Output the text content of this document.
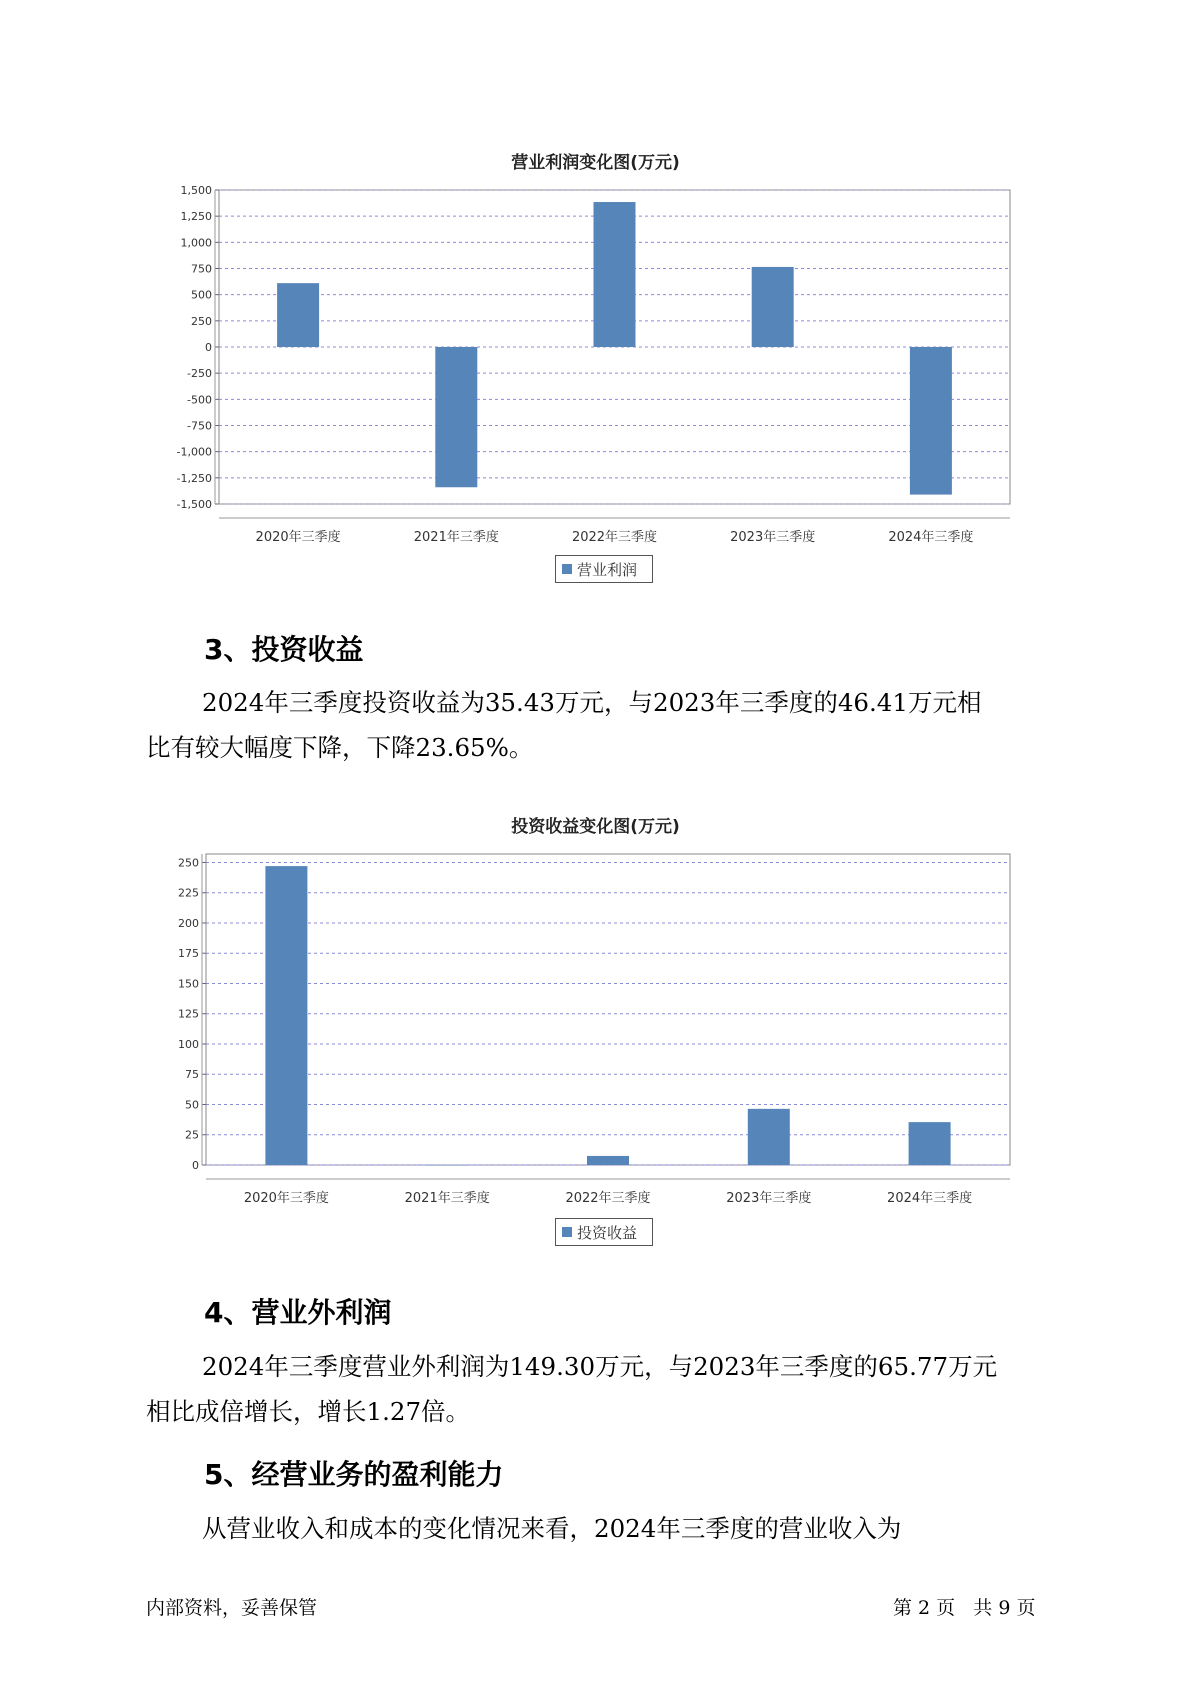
营业利润变化图(万元)
1,500
1,250
1,000
750
500
250
0
-250
-500
-750
-1,000
-1,250
-1,500
2020年三季度	2021年三季度	2022年三季度	2023年三季度	2024年三季度
营业利润
3、投资收益
2024年三季度投资收益为35.43万元，与2023年三季度的46.41万元相
比有较大幅度下降，下降23.65%。
投资收益变化图(万元)
250
225
200
175
150
125
100
75
50
25
0
2020年三季度	2021年三季度	2022年三季度	2023年三季度	2024年三季度
投资收益
4、营业外利润
2024年三季度营业外利润为149.30万元，与2023年三季度的65.77万元
相比成倍增长，增长1.27倍。
5、经营业务的盈利能力
从营业收入和成本的变化情况来看，2024年三季度的营业收入为
内部资料，妥善保管	第 2 页   共 9 页
